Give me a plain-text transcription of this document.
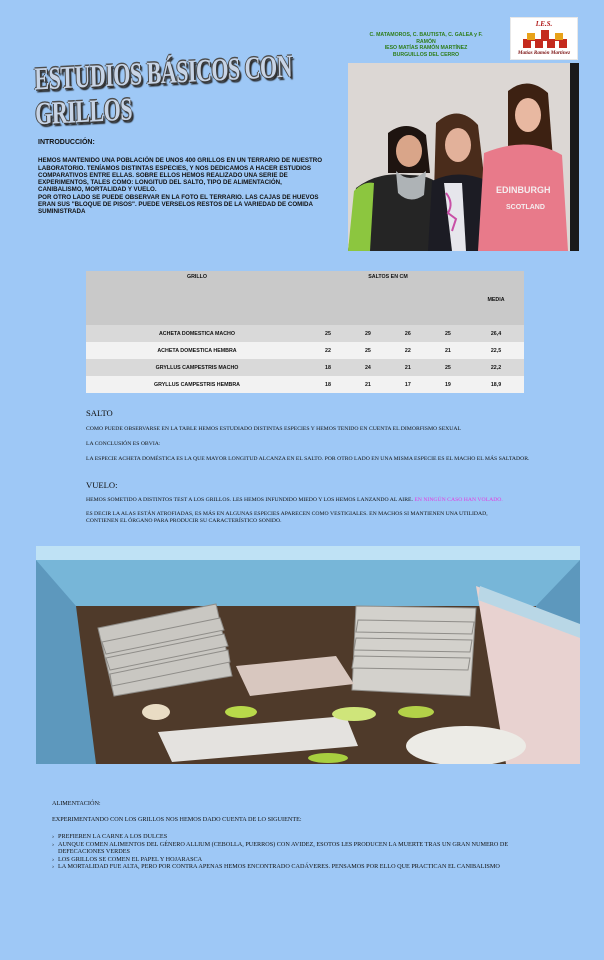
C. MATAMOROS, C. BAUTISTA, C. GALEA y F. RAMÓN
IESO MATÍAS RAMÓN MARTÍNEZ
BURGUILLOS DEL CERRO
I.E.S.
Matías Ramón Martínez
ESTUDIOS BÁSICOS CON GRILLOS
INTRODUCCIÓN:

HEMOS MANTENIDO UNA POBLACIÓN DE UNOS 400 GRILLOS EN UN TERRARIO DE NUESTRO LABORATORIO. TENÍAMOS DISTINTAS ESPECIES, Y NOS DEDICAMOS A HACER ESTUDIOS COMPARATIVOS ENTRE ELLAS. SOBRE ELLOS HEMOS REALIZADO UNA SERIE DE EXPERIMENTOS, TALES COMO: LONGITUD DEL SALTO, TIPO DE ALIMENTACIÓN, CANIBALISMO, MORTALIDAD Y VUELO.

POR OTRO LADO SE PUEDE OBSERVAR EN LA FOTO EL TERRARIO. LAS CAJAS DE HUEVOS ERAN SUS "BLOQUE DE PISOS". PUEDE VERSELOS RESTOS DE LA VARIEDAD DE COMIDA SUMINISTRADA

EDINBURGH
SCOTLAND
GRILLO	SALTOS EN CM				MEDIA
ACHETA DOMESTICA MACHO	25	29	26	25	26,4
ACHETA DOMESTICA HEMBRA	22	25	22	21	22,5
GRYLLUS CAMPESTRIS MACHO	18	24	21	25	22,2
GRYLLUS CAMPESTRIS HEMBRA	18	21	17	19	18,9
SALTO
COMO PUEDE OBSERVARSE EN LA TABLE HEMOS ESTUDIADO DISTINTAS ESPECIES Y HEMOS TENIDO EN CUENTA EL DIMORFISMO SEXUAL
LA CONCLUSIÓN ES OBVIA:
LA ESPECIE ACHETA DOMÉSTICA ES LA QUE MAYOR LONGITUD ALCANZA EN EL SALTO. POR OTRO LADO EN UNA MISMA ESPECIE ES EL MACHO EL MÁS SALTADOR.
VUELO:
HEMOS SOMETIDO A DISTINTOS TEST A LOS GRILLOS. LES HEMOS INFUNDIDO MIEDO Y LOS HEMOS LANZANDO AL AIRE. EN NINGÚN CASO HAN VOLADO.
ES DECIR LA ALAS ESTÁN ATROFIADAS, ES MÁS EN ALGUNAS ESPECIES APARECEN COMO VESTIGIALES. EN MACHOS SI MANTIENEN UNA UTILIDAD, CONTIENEN EL ÓRGANO PARA PRODUCIR SU CARACTERÍSTICO SONIDO.
ALIMENTACIÓN:
EXPERIMENTANDO CON LOS GRILLOS NOS HEMOS DADO CUENTA DE LO SIGUIENTE:
› PREFIEREN LA CARNE A LOS DULCES
› AUNQUE COMEN ALIMENTOS DEL GÉNERO ALLIUM (CEBOLLA, PUERROS) CON AVIDEZ, ESOTOS LES PRODUCEN LA MUERTE TRAS UN GRAN NUMERO DE DEFECACIONES VERDES
› LOS GRILLOS SE COMEN EL PAPEL Y HOJARASCA
› LA MORTALIDAD FUE ALTA, PERO POR CONTRA APENAS HEMOS ENCONTRADO CADÁVERES. PENSAMOS POR ELLO QUE PRACTICAN EL CANIBALISMO
